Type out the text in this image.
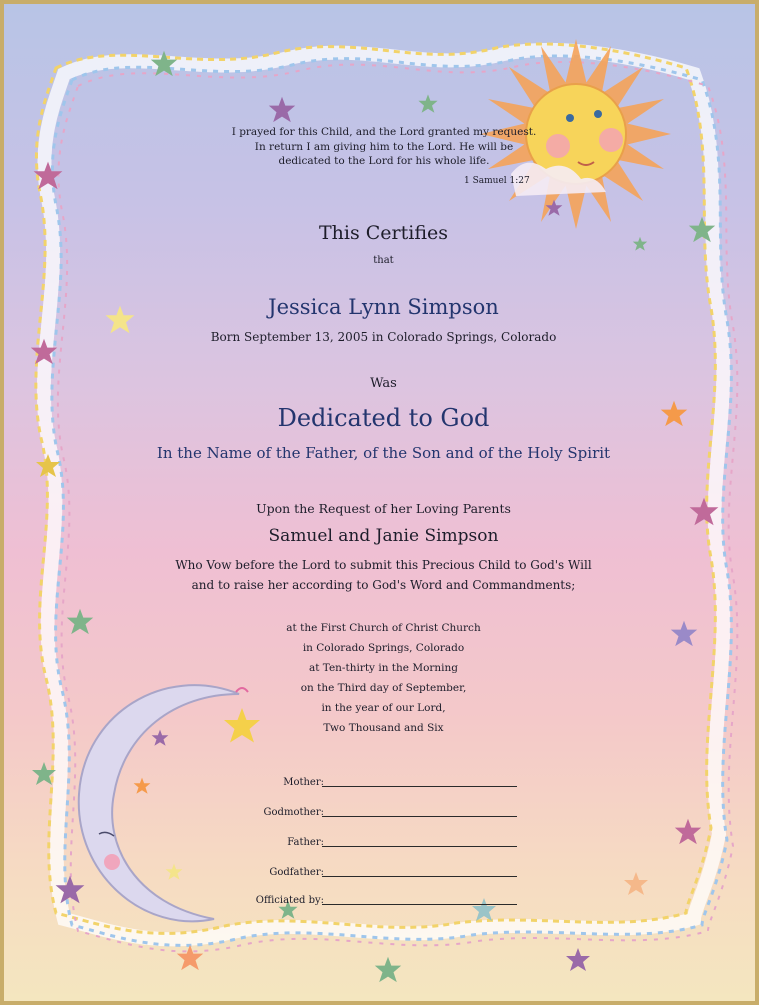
I prayed for this Child, and the Lord granted my request.
In return I am giving him to the Lord. He will be
dedicated to the Lord for his whole life.
1 Samuel 1:27
This Certifies
that
Jessica Lynn Simpson
Born September 13, 2005 in Colorado Springs, Colorado
Was
Dedicated to God
In the Name of the Father, of the Son and of the Holy Spirit
Upon the Request of her Loving Parents
Samuel and Janie Simpson
Who Vow before the Lord to submit this Precious Child to God's Will
and to raise her according to God's Word and Commandments;
at the First Church of Christ Church
in Colorado Springs, Colorado
at Ten-thirty in the Morning
on the Third day of September,
in the year of our Lord,
Two Thousand and Six
Mother:
Godmother:
Father:
Godfather:
Officiated by:
